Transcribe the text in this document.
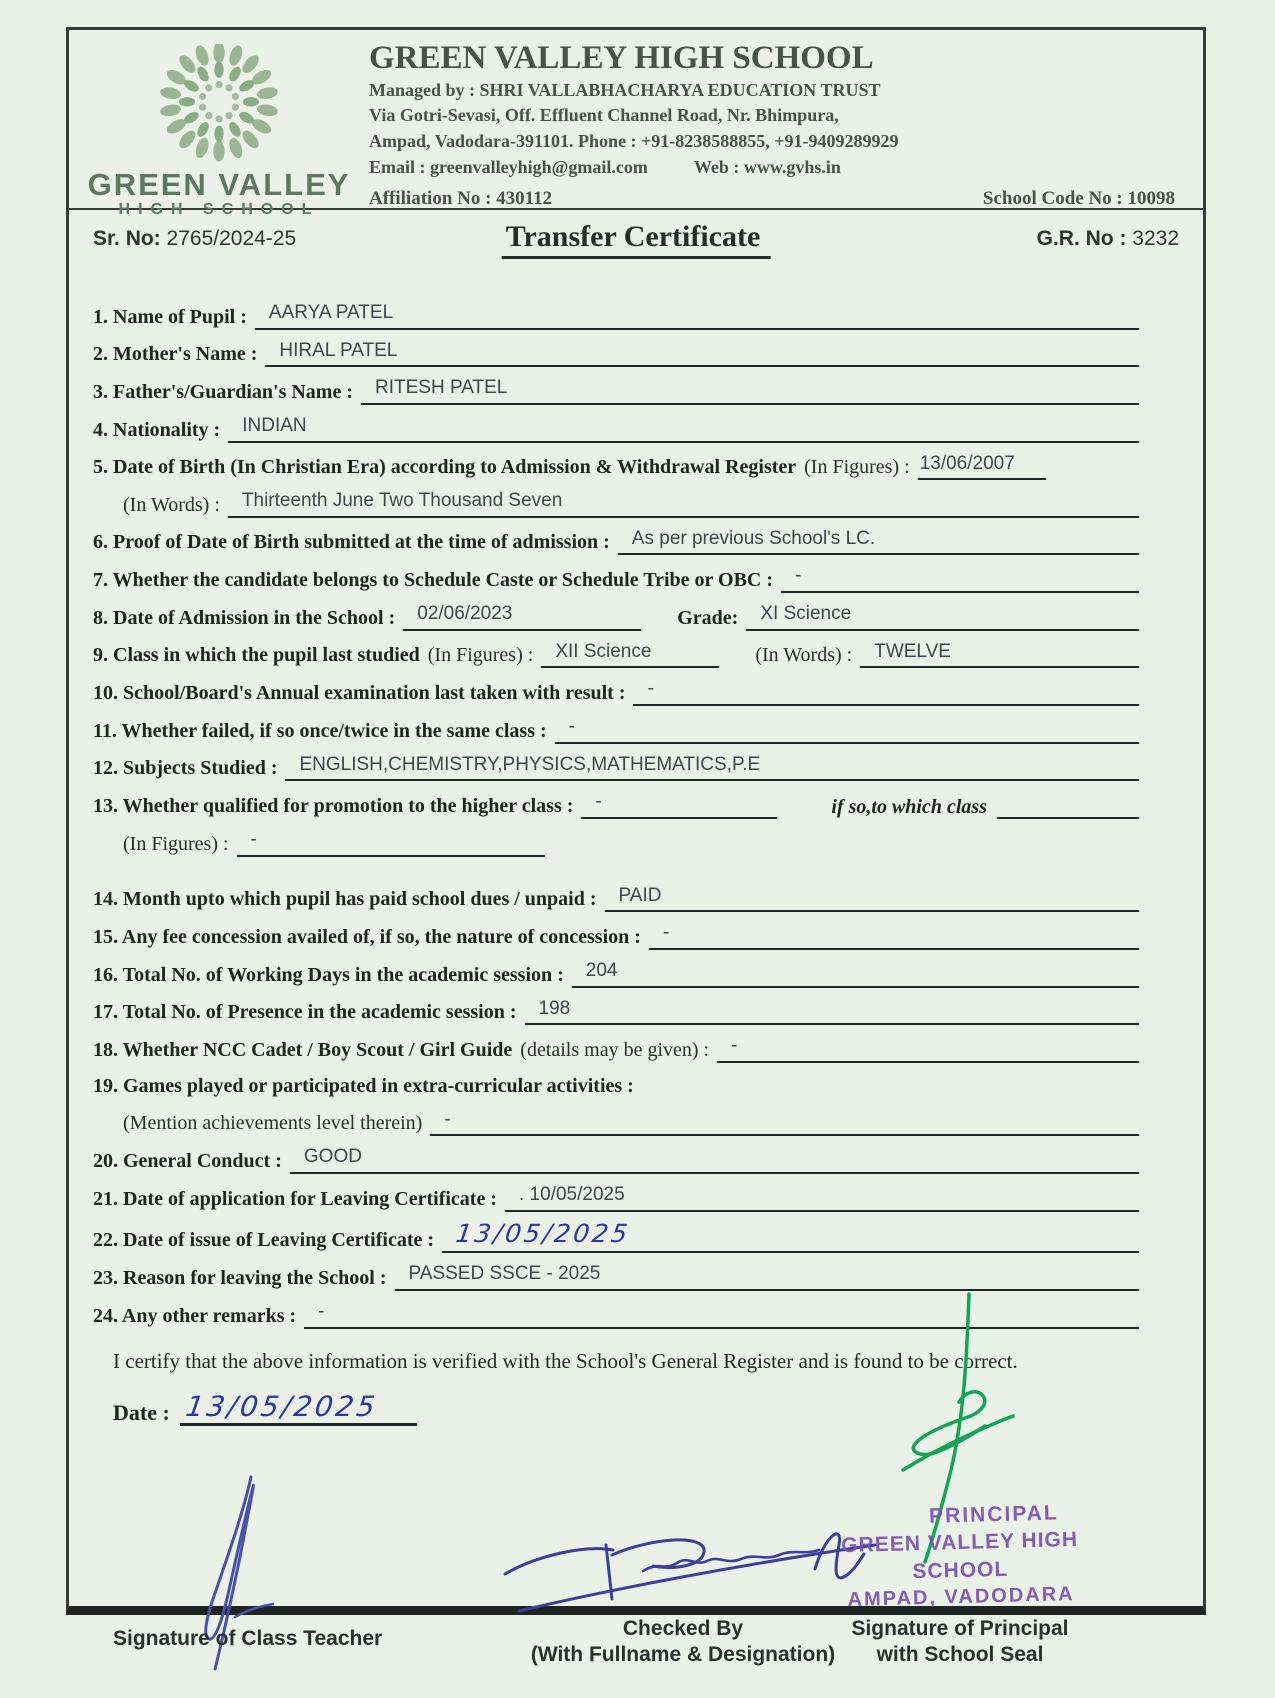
GREEN VALLEY
HIGH SCHOOL
GREEN VALLEY HIGH SCHOOL
Managed by : SHRI VALLABHACHARYA EDUCATION TRUST
Via Gotri-Sevasi, Off. Effluent Channel Road, Nr. Bhimpura,
Ampad, Vadodara-391101. Phone : +91-8238588855, +91-9409289929
Email : greenvalleyhigh@gmail.com	Web : www.gvhs.in
Affiliation No : 430112	School Code No : 10098
Sr. No: 2765/2024-25	Transfer Certificate	G.R. No : 3232
1. Name of Pupil :	AARYA PATEL
2. Mother's Name :	HIRAL PATEL
3. Father's/Guardian's Name :	RITESH PATEL
4. Nationality :	INDIAN
5. Date of Birth (In Christian Era) according to Admission & Withdrawal Register (In Figures) : 13/06/2007
(In Words) :	Thirteenth June Two Thousand Seven
6. Proof of Date of Birth submitted at the time of admission :	As per previous School's LC.
7. Whether the candidate belongs to Schedule Caste or Schedule Tribe or OBC :	-
8. Date of Admission in the School :	02/06/2023	Grade:	XI Science
9. Class in which the pupil last studied (In Figures) :	XII Science	(In Words) :	TWELVE
10. School/Board's Annual examination last taken with result :	-
11. Whether failed, if so once/twice in the same class :	-
12. Subjects Studied :	ENGLISH,CHEMISTRY,PHYSICS,MATHEMATICS,P.E
13. Whether qualified for promotion to the higher class :	-	if so,to which class
(In Figures) :	-
14. Month upto which pupil has paid school dues / unpaid :	PAID
15. Any fee concession availed of, if so, the nature of concession :	-
16. Total No. of Working Days in the academic session :	204
17. Total No. of Presence in the academic session :	198
18. Whether NCC Cadet / Boy Scout / Girl Guide (details may be given) :	-
19. Games played or participated in extra-curricular activities :
(Mention achievements level therein)	-
20. General Conduct :	GOOD
21. Date of application for Leaving Certificate :	. 10/05/2025
22. Date of issue of Leaving Certificate : 13/05/2025
23. Reason for leaving the School :	PASSED SSCE - 2025
24. Any other remarks :	-
I certify that the above information is verified with the School's General Register and is found to be correct.
Date : 13/05/2025
Signature of Class Teacher	Checked By
(With Fullname & Designation)
PRINCIPAL
GREEN VALLEY HIGH SCHOOL
AMPAD, VADODARA
Signature of Principal
with School Seal
